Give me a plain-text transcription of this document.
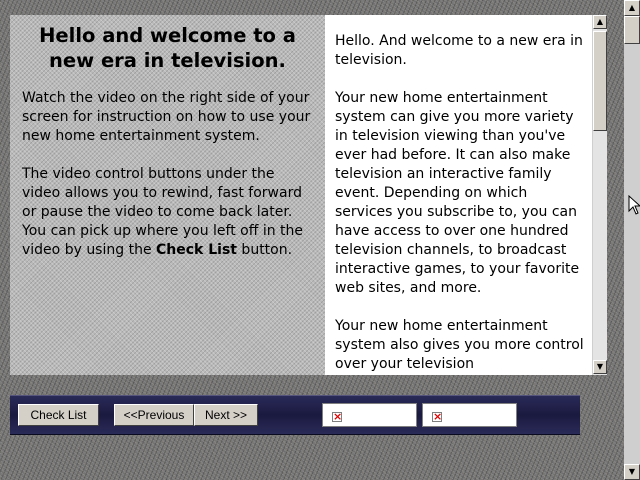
Hello and welcome to a new era in television.

Watch the video on the right side of your screen for instruction on how to use your new home entertainment system.

The video control buttons under the video allows you to rewind, fast forward or pause the video to come back later. You can pick up where you left off in the video by using the Check List button.

Hello. And welcome to a new era in television.

Your new home entertainment system can give you more variety in television viewing than you've ever had before. It can also make television an interactive family event. Depending on which services you subscribe to, you can have access to over one hundred television channels, to broadcast interactive games, to your favorite web sites, and more.

Your new home entertainment system also gives you more control over your television

▲
▼
Check List	<<Previous	Next >>
×
×
▲
▼
